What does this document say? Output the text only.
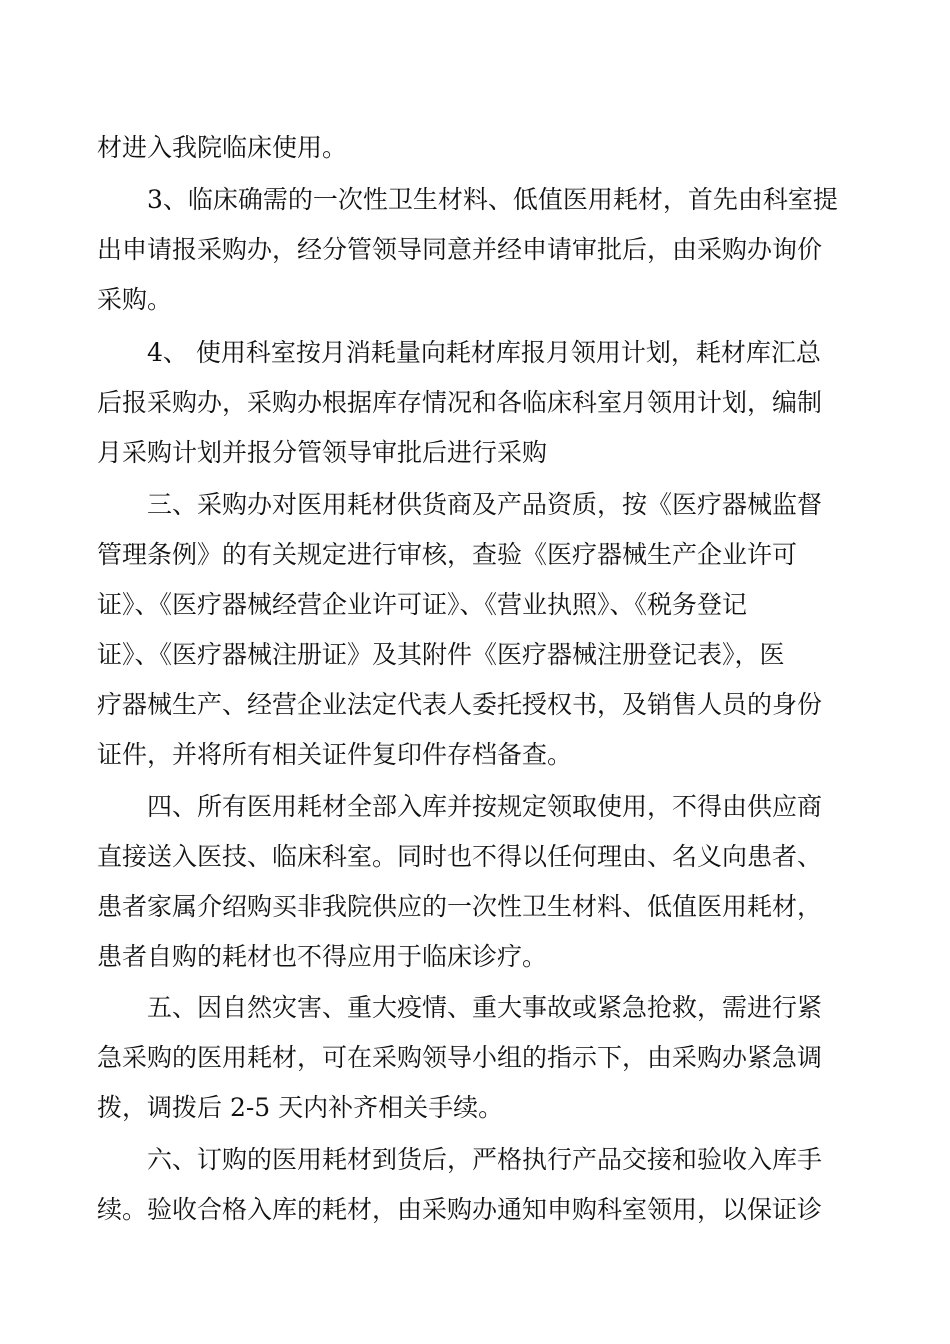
材进入我院临床使用。
3、临床确需的一次性卫生材料、低值医用耗材，首先由科室提
出申请报采购办，经分管领导同意并经申请审批后，由采购办询价
采购。
4、 使用科室按月消耗量向耗材库报月领用计划，耗材库汇总
后报采购办，采购办根据库存情况和各临床科室月领用计划，编制
月采购计划并报分管领导审批后进行采购
三、采购办对医用耗材供货商及产品资质，按《医疗器械监督
管理条例》的有关规定进行审核，查验《医疗器械生产企业许可
证》、《医疗器械经营企业许可证》、《营业执照》、《税务登记
证》、《医疗器械注册证》及其附件《医疗器械注册登记表》，医
疗器械生产、经营企业法定代表人委托授权书，及销售人员的身份
证件，并将所有相关证件复印件存档备查。
四、所有医用耗材全部入库并按规定领取使用，不得由供应商
直接送入医技、临床科室。同时也不得以任何理由、名义向患者、
患者家属介绍购买非我院供应的一次性卫生材料、低值医用耗材，
患者自购的耗材也不得应用于临床诊疗。
五、因自然灾害、重大疫情、重大事故或紧急抢救，需进行紧
急采购的医用耗材，可在采购领导小组的指示下，由采购办紧急调
拨，调拨后 2-5 天内补齐相关手续。
六、订购的医用耗材到货后，严格执行产品交接和验收入库手
续。验收合格入库的耗材，由采购办通知申购科室领用，以保证诊
